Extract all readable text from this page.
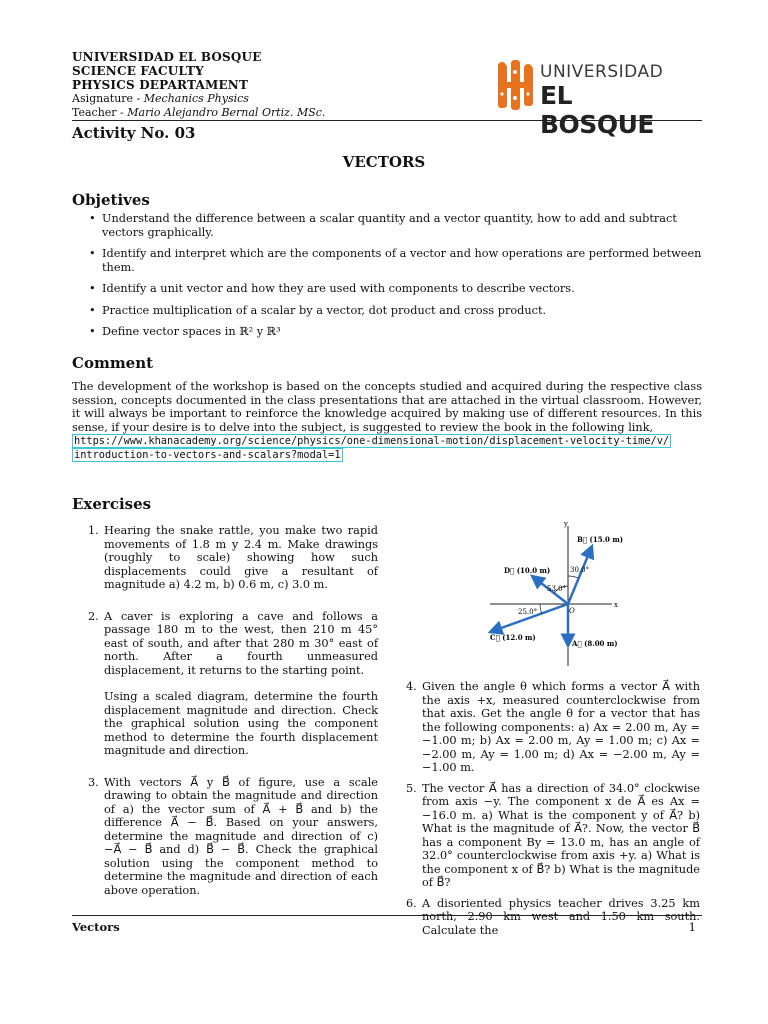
UNIVERSIDAD EL BOSQUE
SCIENCE FACULTY
PHYSICS DEPARTAMENT
Asignature - Mechanics Physics
Teacher - Mario Alejandro Bernal Ortiz. MSc.
UNIVERSIDAD
EL BOSQUE
Activity No. 03
VECTORS
Objetives
• Understand the difference between a scalar quantity and a vector quantity, how to add and subtract vectors graphically.
• Identify and interpret which are the components of a vector and how operations are performed between them.
• Identify a unit vector and how they are used with components to describe vectors.
• Practice multiplication of a scalar by a vector, dot product and cross product.
• Define vector spaces in ℝ² y ℝ³
Comment
The development of the workshop is based on the concepts studied and acquired during the respective class session, concepts documented in the class presentations that are attached in the virtual classroom. However, it will always be important to reinforce the knowledge acquired by making use of different resources. In this sense, if your desire is to delve into the subject, is suggested to review the book in the following link,
https://www.khanacademy.org/science/physics/one-dimensional-motion/displacement-velocity-time/v/
introduction-to-vectors-and-scalars?modal=1
Exercises
1. Hearing the snake rattle, you make two rapid movements of 1.8 m y 2.4 m. Make drawings (roughly to scale) showing how such displacements could give a resultant of magnitude a) 4.2 m, b) 0.6 m, c) 3.0 m.

2. A caver is exploring a cave and follows a passage 180 m to the west, then 210 m 45° east of south, and after that 280 m 30° east of north. After a fourth unmeasured displacement, it returns to the starting point.

Using a scaled diagram, determine the fourth displacement magnitude and direction. Check the graphical solution using the component method to determine the fourth displacement magnitude and direction.

3. With vectors A⃗ y B⃗ of figure, use a scale drawing to obtain the magnitude and direction of a) the vector sum of A⃗ + B⃗ and b) the difference A⃗ − B⃗. Based on your answers, determine the magnitude and direction of c) −A⃗ − B⃗ and d) B⃗ − B⃗. Check the graphical solution using the component method to determine the magnitude and direction of each above operation.

x
y
O
B⃗ (15.0 m)
D⃗ (10.0 m)
C⃗ (12.0 m)
A⃗ (8.00 m)
30.0°
53.0°
25.0°
4. Given the angle θ which forms a vector A⃗ with the axis +x, measured counterclockwise from that axis. Get the angle θ for a vector that has the following components: a) Ax = 2.00 m, Ay = −1.00 m; b) Ax = 2.00 m, Ay = 1.00 m; c) Ax = −2.00 m, Ay = 1.00 m; d) Ax = −2.00 m, Ay = −1.00 m.

5. The vector A⃗ has a direction of 34.0° clockwise from axis −y. The component x de A⃗ es Ax = −16.0 m. a) What is the component y of A⃗? b) What is the magnitude of A⃗?. Now, the vector B⃗ has a component By = 13.0 m, has an angle of 32.0° counterclockwise from axis +y. a) What is the component x of B⃗? b) What is the magnitude of B⃗?

6. A disoriented physics teacher drives 3.25 km north, 2.90 km west and 1.50 km south. Calculate the

Vectors	1
